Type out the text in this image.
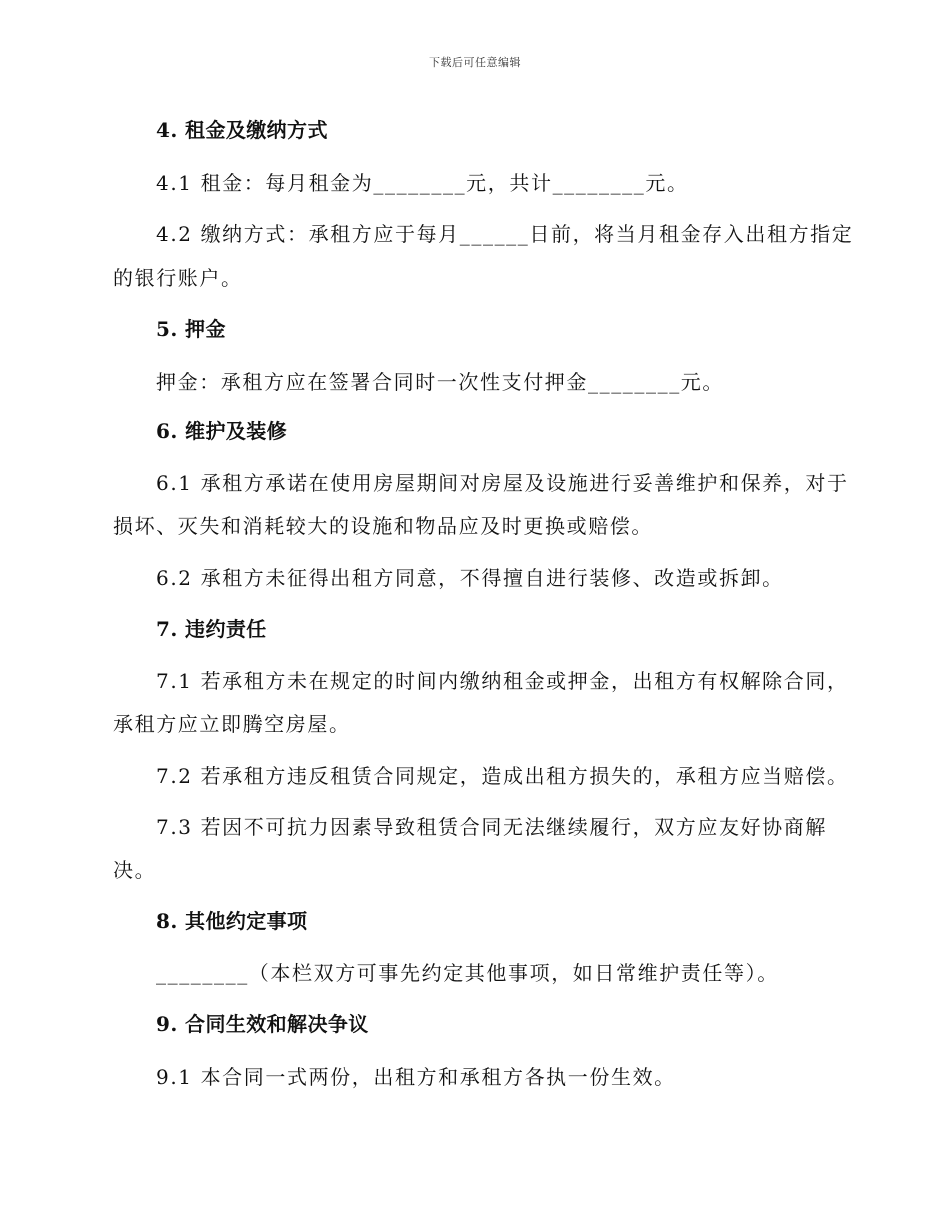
下载后可任意编辑
4. 租金及缴纳方式
4.1 租金：每月租金为________元，共计________元。
4.2 缴纳方式：承租方应于每月______日前，将当月租金存入出租方指定
的银行账户。
5. 押金
押金：承租方应在签署合同时一次性支付押金________元。
6. 维护及装修
6.1 承租方承诺在使用房屋期间对房屋及设施进行妥善维护和保养，对于
损坏、灭失和消耗较大的设施和物品应及时更换或赔偿。
6.2 承租方未征得出租方同意，不得擅自进行装修、改造或拆卸。
7. 违约责任
7.1 若承租方未在规定的时间内缴纳租金或押金，出租方有权解除合同，
承租方应立即腾空房屋。
7.2 若承租方违反租赁合同规定，造成出租方损失的，承租方应当赔偿。
7.3 若因不可抗力因素导致租赁合同无法继续履行，双方应友好协商解
决。
8. 其他约定事项
________（本栏双方可事先约定其他事项，如日常维护责任等）。
9. 合同生效和解决争议
9.1 本合同一式两份，出租方和承租方各执一份生效。
